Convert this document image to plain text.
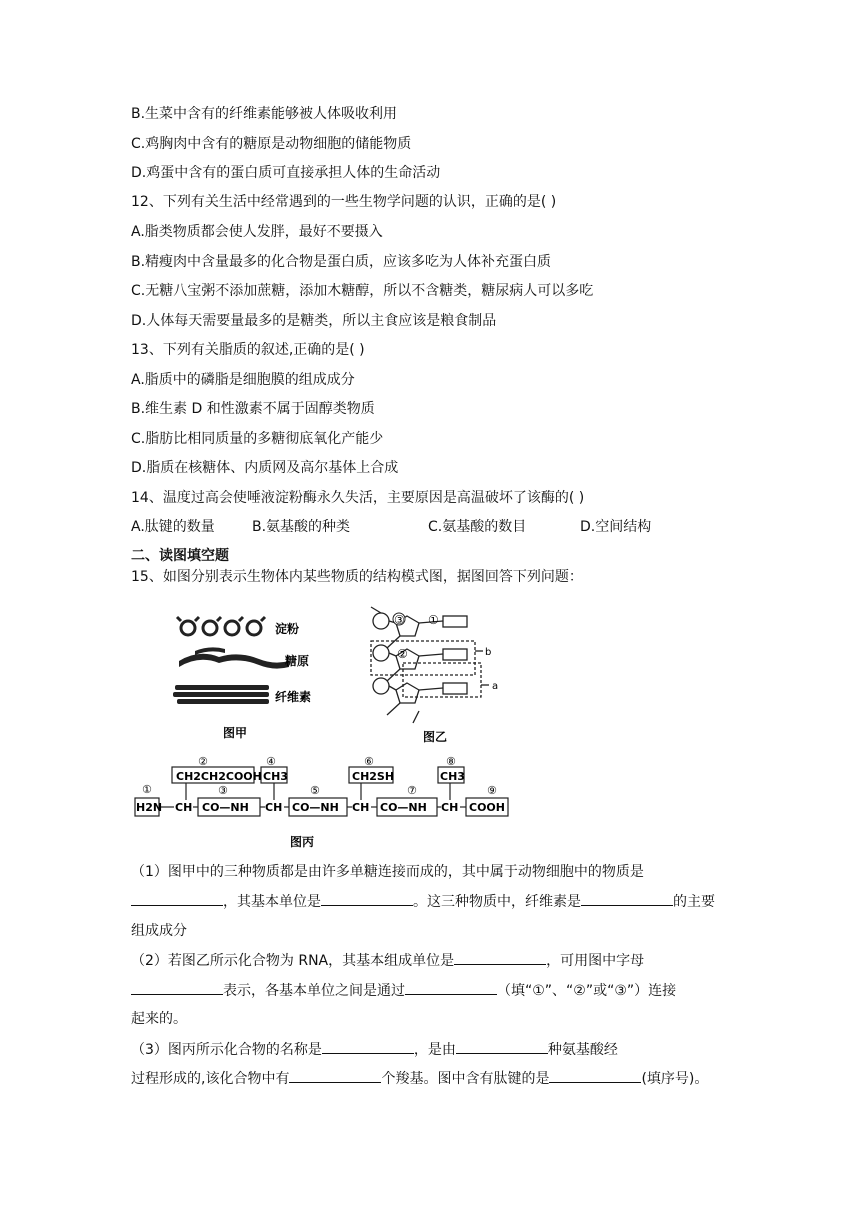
B.生菜中含有的纤维素能够被人体吸收利用
C.鸡胸肉中含有的糖原是动物细胞的储能物质
D.鸡蛋中含有的蛋白质可直接承担人体的生命活动
12、下列有关生活中经常遇到的一些生物学问题的认识，正确的是( )
A.脂类物质都会使人发胖，最好不要摄入
B.精瘦肉中含量最多的化合物是蛋白质，应该多吃为人体补充蛋白质
C.无糖八宝粥不添加蔗糖，添加木糖醇，所以不含糖类，糖尿病人可以多吃
D.人体每天需要量最多的是糖类，所以主食应该是粮食制品
13、下列有关脂质的叙述,正确的是( )
A.脂质中的磷脂是细胞膜的组成成分
B.维生素 D 和性激素不属于固醇类物质
C.脂肪比相同质量的多糖彻底氧化产能少
D.脂质在核糖体、内质网及高尔基体上合成
14、温度过高会使唾液淀粉酶永久失活，主要原因是高温破坏了该酶的( )
A.肽键的数量	B.氨基酸的种类	C.氨基酸的数目	D.空间结构
二、读图填空题
15、如图分别表示生物体内某些物质的结构模式图，据图回答下列问题：
淀粉
糖原
纤维素
图甲
③ ①
②	b
a
图乙
①
②
③
④
⑤
⑥
⑦
⑧
⑨
CH2CH2COOH CH3	CH2SH	CH3
H2N CH CO—NH CH CO—NH CH CO—NH CH COOH
图丙
（1）图甲中的三种物质都是由许多单糖连接而成的，其中属于动物细胞中的物质是
，其基本单位是	。这三种物质中，纤维素是	的主要
组成成分
（2）若图乙所示化合物为 RNA，其基本组成单位是	，可用图中字母
表示，各基本单位之间是通过	（填“①”、“②”或“③”）连接
起来的。
（3）图丙所示化合物的名称是	，是由	种氨基酸经
过程形成的,该化合物中有	个羧基。图中含有肽键的是	(填序号)。
